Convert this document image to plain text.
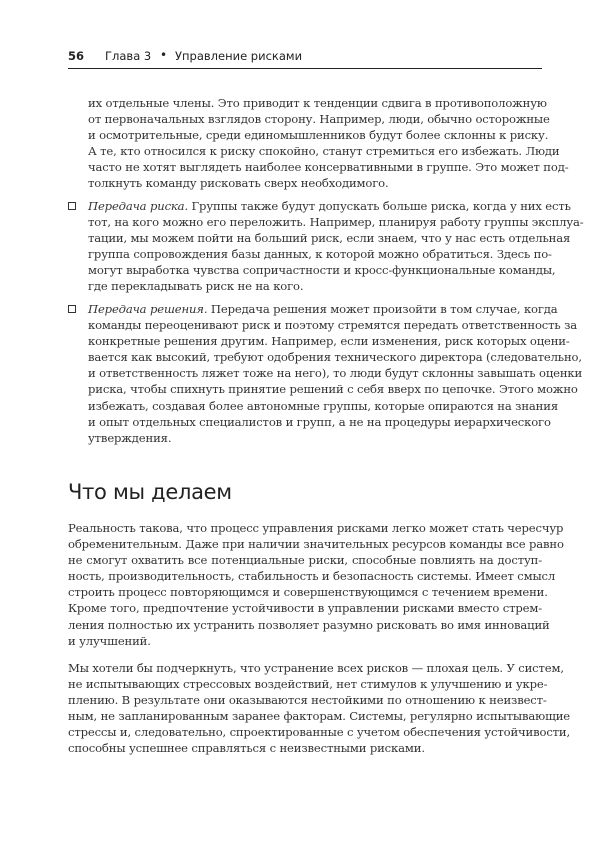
56 Глава 3 • Управление рисками
их отдельные члены. Это приводит к тенденции сдвига в противоположную
от первоначальных взглядов сторону. Например, люди, обычно осторожные
и осмотрительные, среди единомышленников будут более склонны к риску.
А те, кто относился к риску спокойно, станут стремиться его избежать. Люди
часто не хотят выглядеть наиболее консервативными в группе. Это может под-
толкнуть команду рисковать сверх необходимого.
Передача риска. Группы также будут допускать больше риска, когда у них есть
тот, на кого можно его переложить. Например, планируя работу группы эксплуа-
тации, мы можем пойти на больший риск, если знаем, что у нас есть отдельная
группа сопровождения базы данных, к которой можно обратиться. Здесь по-
могут выработка чувства сопричастности и кросс-функциональные команды,
где перекладывать риск не на кого.
Передача решения. Передача решения может произойти в том случае, когда
команды переоценивают риск и поэтому стремятся передать ответственность за
конкретные решения другим. Например, если изменения, риск которых оцени-
вается как высокий, требуют одобрения технического директора (следовательно,
и ответственность ляжет тоже на него), то люди будут склонны завышать оценки
риска, чтобы спихнуть принятие решений с себя вверх по цепочке. Этого можно
избежать, создавая более автономные группы, которые опираются на знания
и опыт отдельных специалистов и групп, а не на процедуры иерархического
утверждения.
Что мы делаем
Реальность такова, что процесс управления рисками легко может стать чересчур
обременительным. Даже при наличии значительных ресурсов команды все равно
не смогут охватить все потенциальные риски, способные повлиять на доступ-
ность, производительность, стабильность и безопасность системы. Имеет смысл
строить процесс повторяющимся и совершенствующимся с течением времени.
Кроме того, предпочтение устойчивости в управлении рисками вместо стрем-
ления полностью их устранить позволяет разумно рисковать во имя инноваций
и улучшений.
Мы хотели бы подчеркнуть, что устранение всех рисков — плохая цель. У систем,
не испытывающих стрессовых воздействий, нет стимулов к улучшению и укре-
плению. В результате они оказываются нестойкими по отношению к неизвест-
ным, не запланированным заранее факторам. Системы, регулярно испытывающие
стрессы и, следовательно, спроектированные с учетом обеспечения устойчивости,
способны успешнее справляться с неизвестными рисками.
